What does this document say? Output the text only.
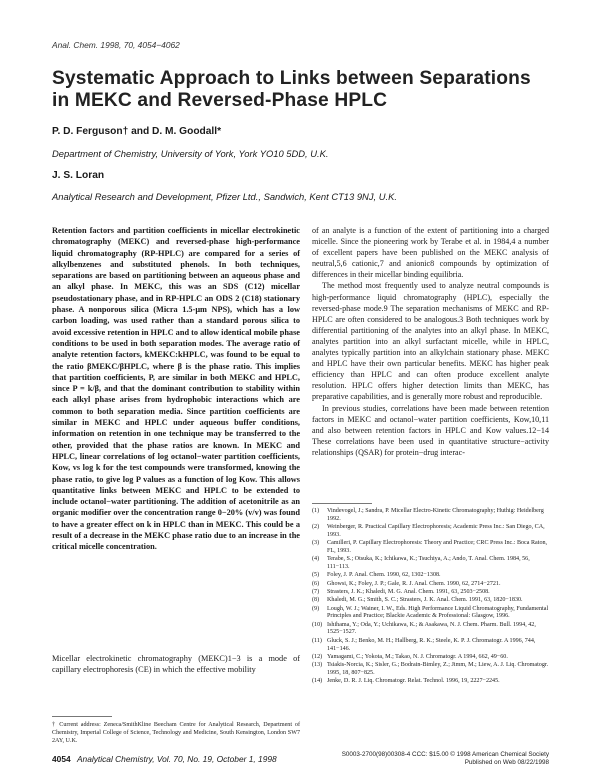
Anal. Chem. 1998, 70, 4054−4062
Systematic Approach to Links between Separations in MEKC and Reversed-Phase HPLC
P. D. Ferguson† and D. M. Goodall*
Department of Chemistry, University of York, York YO10 5DD, U.K.
J. S. Loran
Analytical Research and Development, Pfizer Ltd., Sandwich, Kent CT13 9NJ, U.K.

Retention factors and partition coefficients in micellar electrokinetic chromatography (MEKC) and reversed-phase high-performance liquid chromatography (RP-HPLC) are compared for a series of alkylbenzenes and substituted phenols. In both techniques, separations are based on partitioning between an aqueous phase and an alkyl phase. In MEKC, this was an SDS (C12) micellar pseudostationary phase, and in RP-HPLC an ODS 2 (C18) stationary phase. A nonporous silica (Micra 1.5-μm NPS), which has a low carbon loading, was used rather than a standard porous silica to avoid excessive retention in HPLC and to allow identical mobile phase conditions to be used in both separation modes. The average ratio of analyte retention factors, kMEKC:kHPLC, was found to be equal to the ratio βMEKC/βHPLC, where β is the phase ratio. This implies that partition coefficients, P, are similar in both MEKC and HPLC, since P = k/β, and that the dominant contribution to stability within each alkyl phase arises from hydrophobic interactions which are common to both separation media. Since partition coefficients are similar in MEKC and HPLC under aqueous buffer conditions, information on retention in one technique may be transferred to the other, provided that the phase ratios are known. In MEKC and HPLC, linear correlations of log octanol−water partition coefficients, Kow, vs log k for the test compounds were transformed, knowing the phase ratio, to give log P values as a function of log Kow. This allows quantitative links between MEKC and HPLC to be extended to include octanol−water partitioning. The addition of acetonitrile as an organic modifier over the concentration range 0−20% (v/v) was found to have a greater effect on k in HPLC than in MEKC. This could be a result of a decrease in the MEKC phase ratio due to an increase in the critical micelle concentration.

Micellar electrokinetic chromatography (MEKC)1−3 is a mode of capillary electrophoresis (CE) in which the effective mobility

† Current address: Zeneca/SmithKline Beecham Centre for Analytical Research, Department of Chemistry, Imperial College of Science, Technology and Medicine, South Kensington, London SW7 2AY, U.K.

of an analyte is a function of the extent of partitioning into a charged micelle. Since the pioneering work by Terabe et al. in 1984,4 a number of excellent papers have been published on the MEKC analysis of neutral,5,6 cationic,7 and anionic8 compounds by optimization of differences in their micellar binding equilibria.

The method most frequently used to analyze neutral compounds is high-performance liquid chromatography (HPLC), especially the reversed-phase mode.9 The separation mechanisms of MEKC and RP-HPLC are often considered to be analogous.3 Both techniques work by differential partitioning of the analytes into an alkyl phase. In MEKC, analytes partition into an alkyl surfactant micelle, while in HPLC, analytes typically partition into an alkylchain stationary phase. MEKC and HPLC have their own particular benefits. MEKC has higher peak efficiency than HPLC and can often produce excellent analyte resolution. HPLC offers higher detection limits than MEKC, has preparative capabilities, and is generally more robust and reproducible.

In previous studies, correlations have been made between retention factors in MEKC and octanol−water partition coefficients, Kow,10,11 and also between retention factors in HPLC and Kow values.12−14 These correlations have been used in quantitative structure−activity relationships (QSAR) for protein−drug interac-

(1) Vindevogel, J.; Sandra, P. Micellar Electro-Kinetic Chromatography; Huthig: Heidelberg 1992.
(2) Weinberger, R. Practical Capillary Electrophoresis; Academic Press Inc.: San Diego, CA, 1993.
(3) Camilleri, P. Capillary Electrophoresis: Theory and Practice; CRC Press Inc.: Boca Raton, FL, 1993.
(4) Terabe, S.; Otsuka, K.; Ichikawa, K.; Tsuchiya, A.; Ando, T. Anal. Chem. 1984, 56, 111−113.
(5) Foley, J. P. Anal. Chem. 1990, 62, 1302−1308.
(6) Ghowsi, K.; Foley, J. P.; Gale, R. J. Anal. Chem. 1990, 62, 2714−2721.
(7) Strasters, J. K.; Khaledi, M. G. Anal. Chem. 1991, 63, 2503−2508.
(8) Khaledi, M. G.; Smith, S. C.; Strasters, J. K. Anal. Chem. 1991, 63, 1820−1830.
(9) Lough, W. J.; Wainer, I. W., Eds. High Performance Liquid Chromatography, Fundamental Principles and Practice; Blackie Academic & Professional: Glasgow, 1996.
(10) Ishihama, Y.; Oda, Y.; Uchikawa, K.; & Asakawa, N. J. Chem. Pharm. Bull. 1994, 42, 1525−1527.
(11) Gluck, S. J.; Benko, M. H.; Hallberg, R. K.; Steele, K. P. J. Chromatogr. A 1996, 744, 141−146.
(12) Yamagami, C.; Yokota, M.; Takao, N. J. Chromatogr. A 1994, 662, 49−60.
(13) Tsiakis-Norcia, K.; Sisler, G.; Bodrain-Bimley, Z.; Jimm, M.; Liew, A. J. Liq. Chromatogr. 1995, 18, 807−825.
(14) Jenke, D. R. J. Liq. Chromatogr. Relat. Technol. 1996, 19, 2227−2245.
4054 Analytical Chemistry, Vol. 70, No. 19, October 1, 1998	S0003-2700(98)00308-4 CCC: $15.00 © 1998 American Chemical Society
Published on Web 08/22/1998
